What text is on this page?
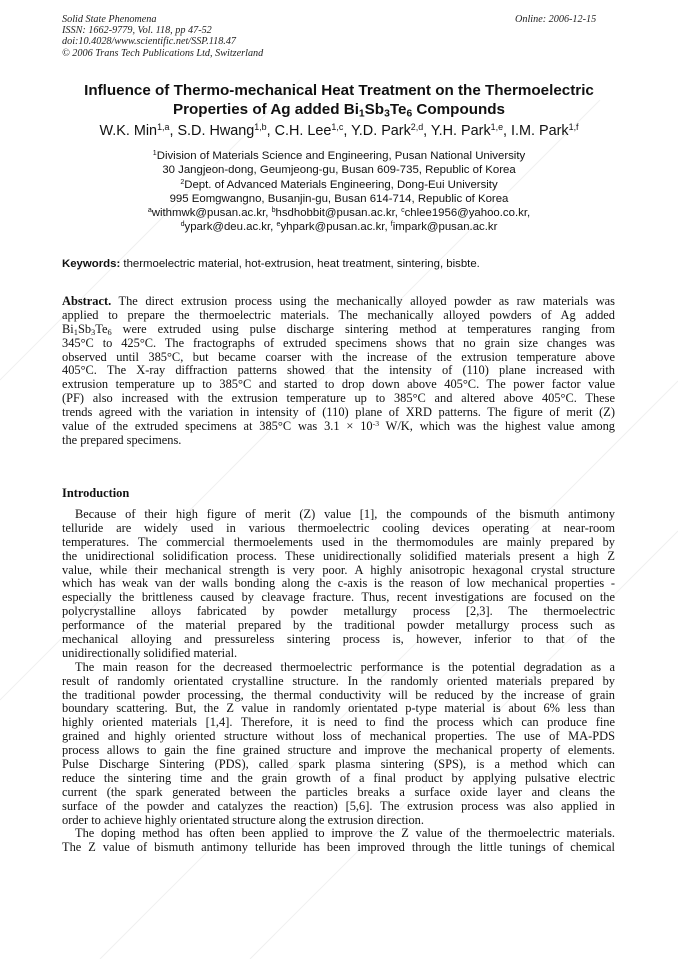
Solid State Phenomena
ISSN: 1662-9779, Vol. 118, pp 47-52
doi:10.4028/www.scientific.net/SSP.118.47
© 2006 Trans Tech Publications Ltd, Switzerland
Online: 2006-12-15
Influence of Thermo-mechanical Heat Treatment on the Thermoelectric
Properties of Ag added $Bi_1Sb_3Te_6$ Compounds
W.K. Min$^{1,a}$, S.D. Hwang$^{1,b}$, C.H. Lee$^{1,c}$, Y.D. Park$^{2,d}$, Y.H. Park$^{1,e}$, I.M. Park$^{1,f}$
$^1$Division of Materials Science and Engineering, Pusan National University
30 Jangjeon-dong, Geumjeong-gu, Busan 609-735, Republic of Korea
$^2$Dept. of Advanced Materials Engineering, Dong-Eui University
995 Eomgwangno, Busanjin-gu, Busan 614-714, Republic of Korea
$^a$withmwk@pusan.ac.kr, $^b$hsdhobbit@pusan.ac.kr, $^c$chlee1956@yahoo.co.kr,
$^d$ypark@deu.ac.kr, $^e$yhpark@pusan.ac.kr, $^f$impark@pusan.ac.kr
Keywords: thermoelectric material, hot-extrusion, heat treatment, sintering, bisbte.
Abstract. The direct extrusion process using the mechanically alloyed powder as raw materials was
applied to prepare the thermoelectric materials. The mechanically alloyed powders of Ag added
$Bi_1Sb_3Te_6$ were extruded using pulse discharge sintering method at temperatures ranging from
345°C to 425°C. The fractographs of extruded specimens shows that no grain size changes was
observed until 385°C, but became coarser with the increase of the extrusion temperature above
405°C. The X-ray diffraction patterns showed that the intensity of (110) plane increased with
extrusion temperature up to 385°C and started to drop down above 405°C. The power factor value
(PF) also increased with the extrusion temperature up to 385°C and altered above 405°C. These
trends agreed with the variation in intensity of (110) plane of XRD patterns. The figure of merit (Z)
value of the extruded specimens at 385°C was $3.1 \times 10^{-3}$ W/K, which was the highest value among
the prepared specimens.
Introduction
Because of their high figure of merit (Z) value [1], the compounds of the bismuth antimony
telluride are widely used in various thermoelectric cooling devices operating at near-room
temperatures. The commercial thermoelements used in the thermomodules are mainly prepared by
the unidirectional solidification process. These unidirectionally solidified materials present a high Z
value, while their mechanical strength is very poor. A highly anisotropic hexagonal crystal structure
which has weak van der walls bonding along the c-axis is the reason of low mechanical properties -
especially the brittleness caused by cleavage fracture. Thus, recent investigations are focused on the
polycrystalline alloys fabricated by powder metallurgy process [2,3]. The thermoelectric
performance of the material prepared by the traditional powder metallurgy process such as
mechanical alloying and pressureless sintering process is, however, inferior to that of the
unidirectionally solidified material.
The main reason for the decreased thermoelectric performance is the potential degradation as a
result of randomly orientated crystalline structure. In the randomly oriented materials prepared by
the traditional powder processing, the thermal conductivity will be reduced by the increase of grain
boundary scattering. But, the Z value in randomly orientated p-type material is about 6% less than
highly oriented materials [1,4]. Therefore, it is need to find the process which can produce fine
grained and highly oriented structure without loss of mechanical properties. The use of MA-PDS
process allows to gain the fine grained structure and improve the mechanical property of elements.
Pulse Discharge Sintering (PDS), called spark plasma sintering (SPS), is a method which can
reduce the sintering time and the grain growth of a final product by applying pulsative electric
current (the spark generated between the particles breaks a surface oxide layer and cleans the
surface of the powder and catalyzes the reaction) [5,6]. The extrusion process was also applied in
order to achieve highly orientated structure along the extrusion direction.
The doping method has often been applied to improve the Z value of the thermoelectric materials.
The Z value of bismuth antimony telluride has been improved through the little tunings of chemical
